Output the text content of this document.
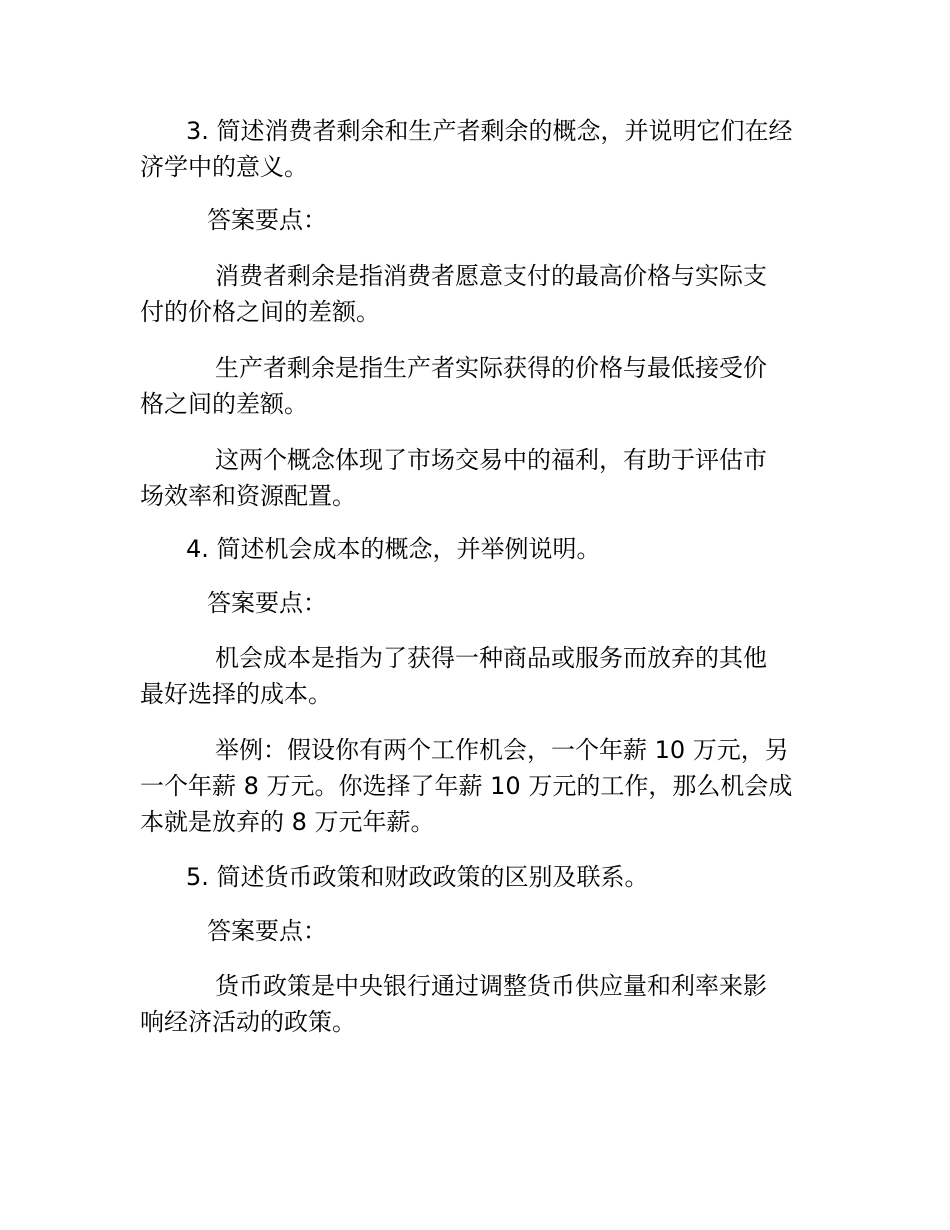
3. 简述消费者剩余和生产者剩余的概念，并说明它们在经
济学中的意义。
答案要点：
消费者剩余是指消费者愿意支付的最高价格与实际支
付的价格之间的差额。
生产者剩余是指生产者实际获得的价格与最低接受价
格之间的差额。
这两个概念体现了市场交易中的福利，有助于评估市
场效率和资源配置。
4. 简述机会成本的概念，并举例说明。
答案要点：
机会成本是指为了获得一种商品或服务而放弃的其他
最好选择的成本。
举例：假设你有两个工作机会，一个年薪 10 万元，另
一个年薪 8 万元。你选择了年薪 10 万元的工作，那么机会成
本就是放弃的 8 万元年薪。
5. 简述货币政策和财政政策的区别及联系。
答案要点：
货币政策是中央银行通过调整货币供应量和利率来影
响经济活动的政策。
